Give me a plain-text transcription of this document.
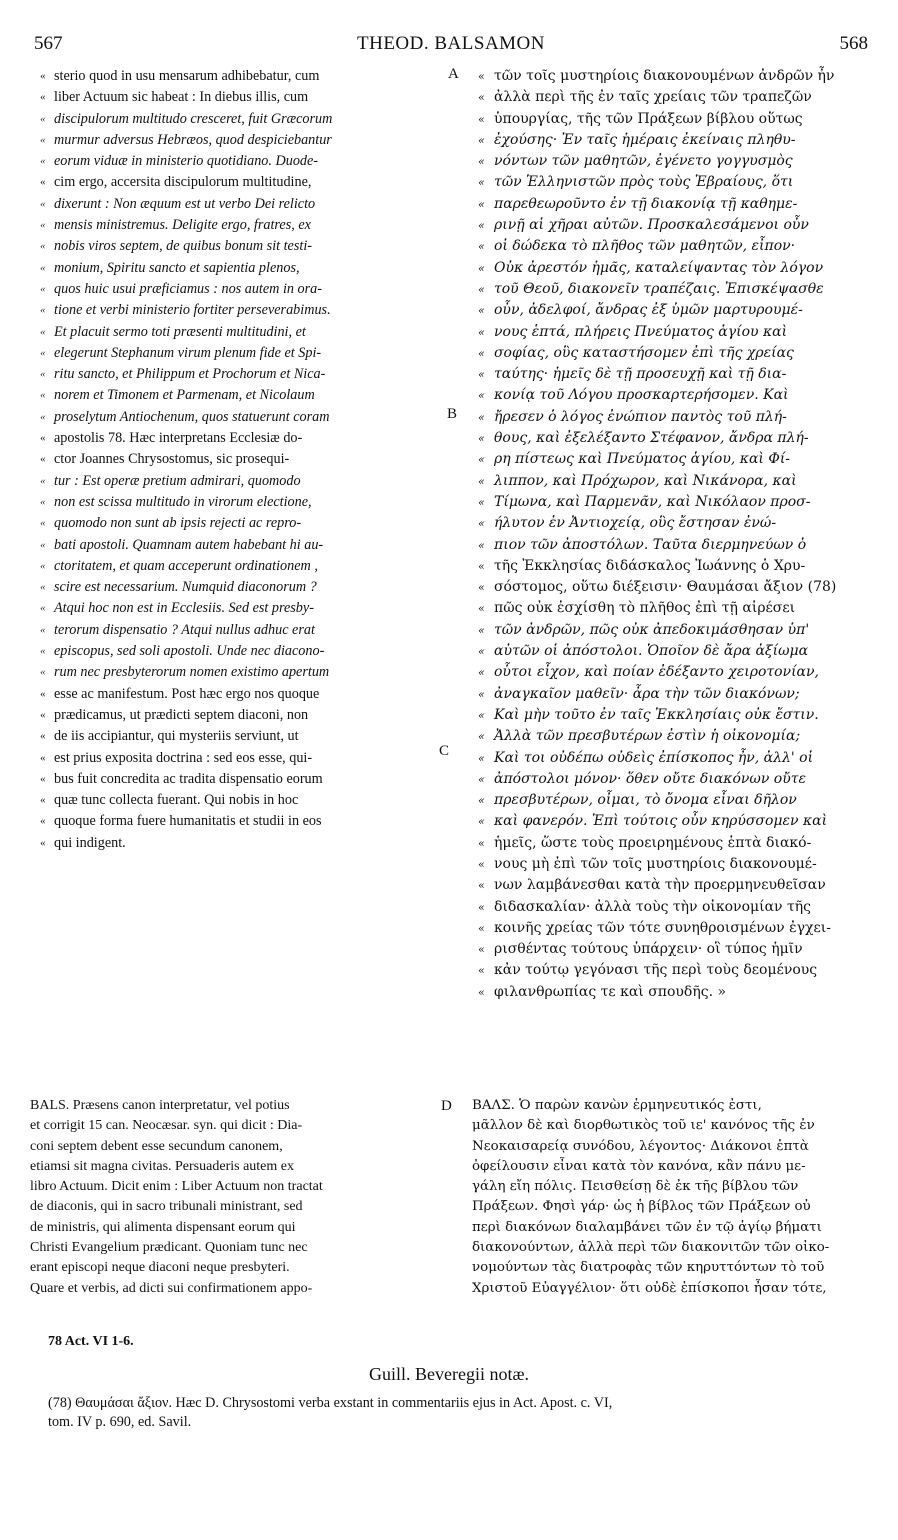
567	THEOD. BALSAMON	568
« sterio quod in usu mensarum adhibebatur, cum
« liber Actuum sic habeat : In diebus illis, cum
« discipulorum multitudo cresceret, fuit Græcorum
« murmur adversus Hebræos, quod despiciebantur
« eorum viduæ in ministerio quotidiano. Duode-
« cim ergo, accersita discipulorum multitudine,
« dixerunt : Non æquum est ut verbo Dei relicto
« mensis ministremus. Deligite ergo, fratres, ex
« nobis viros septem, de quibus bonum sit testi-
« monium, Spiritu sancto et sapientia plenos,
« quos huic usui præficiamus : nos autem in ora-
« tione et verbi ministerio fortiter perseverabimus.
« Et placuit sermo toti præsenti multitudini, et
« elegerunt Stephanum virum plenum fide et Spi-
« ritu sancto, et Philippum et Prochorum et Nica-
« norem et Timonem et Parmenam, et Nicolaum
« proselytum Antiochenum, quos statuerunt coram
« apostolis 78. Hæc interpretans Ecclesiæ do-
« ctor Joannes Chrysostomus, sic prosequi-
« tur : Est operæ pretium admirari, quomodo
« non est scissa multitudo in virorum electione,
« quomodo non sunt ab ipsis rejecti ac repro-
« bati apostoli. Quamnam autem habebant hi au-
« ctoritatem, et quam acceperunt ordinationem ,
« scire est necessarium. Numquid diaconorum ?
« Atqui hoc non est in Ecclesiis. Sed est presby-
« terorum dispensatio ? Atqui nullus adhuc erat
« episcopus, sed soli apostoli. Unde nec diacono-
« rum nec presbyterorum nomen existimo apertum
« esse ac manifestum. Post hæc ergo nos quoque
« prædicamus, ut prædicti septem diaconi, non
« de iis accipiantur, qui mysteriis serviunt, ut
« est prius exposita doctrina : sed eos esse, qui-
« bus fuit concredita ac tradita dispensatio eorum
« quæ tunc collecta fuerant. Qui nobis in hoc
« quoque forma fuere humanitatis et studii in eos
« qui indigent.
« τῶν τοῖς μυστηρίοις διακονουμένων ἀνδρῶν ἦν
« ἀλλὰ περὶ τῆς ἐν ταῖς χρείαις τῶν τραπεζῶν
« ὑπουργίας, τῆς τῶν Πράξεων βίβλου οὕτως
« ἐχούσης· Ἐν ταῖς ἡμέραις ἐκείναις πληθυ-
« νόντων τῶν μαθητῶν, ἐγένετο γογγυσμὸς
« τῶν Ἑλληνιστῶν πρὸς τοὺς Ἑβραίους, ὅτι
« παρεθεωροῦντο ἐν τῇ διακονίᾳ τῇ καθημε-
« ρινῇ αἱ χῆραι αὐτῶν. Προσκαλεσάμενοι οὖν
« οἱ δώδεκα τὸ πλῆθος τῶν μαθητῶν, εἶπον·
« Οὐκ ἀρεστόν ἡμᾶς, καταλείψαντας τὸν λόγον
« τοῦ Θεοῦ, διακονεῖν τραπέζαις. Ἐπισκέψασθε
« οὖν, ἀδελφοί, ἄνδρας ἐξ ὑμῶν μαρτυρουμέ-
« νους ἑπτά, πλήρεις Πνεύματος ἁγίου καὶ
« σοφίας, οὓς καταστήσομεν ἐπὶ τῆς χρείας
« ταύτης· ἡμεῖς δὲ τῇ προσευχῇ καὶ τῇ δια-
« κονίᾳ τοῦ Λόγου προσκαρτερήσομεν. Καὶ
« ἤρεσεν ὁ λόγος ἐνώπιον παντὸς τοῦ πλή-
« θους, καὶ ἐξελέξαντο Στέφανον, ἄνδρα πλή-
« ρη πίστεως καὶ Πνεύματος ἁγίου, καὶ Φί-
« λιππον, καὶ Πρόχωρον, καὶ Νικάνορα, καὶ
« Τίμωνα, καὶ Παρμενᾶν, καὶ Νικόλαον προσ-
« ήλυτον ἐν Ἀντιοχείᾳ, οὓς ἔστησαν ἐνώ-
« πιον τῶν ἀποστόλων. Ταῦτα διερμηνεύων ὁ
« τῆς Ἐκκλησίας διδάσκαλος Ἰωάννης ὁ Χρυ-
« σόστομος, οὕτω διέξεισιν· Θαυμάσαι ἄξιον (78)
« πῶς οὐκ ἐσχίσθη τὸ πλῆθος ἐπὶ τῇ αἱρέσει
« τῶν ἀνδρῶν, πῶς οὐκ ἀπεδοκιμάσθησαν ὑπ'
« αὐτῶν οἱ ἀπόστολοι. Ὁποῖον δὲ ἄρα ἀξίωμα
« οὗτοι εἶχον, καὶ ποίαν ἐδέξαντο χειροτονίαν,
« ἀναγκαῖον μαθεῖν· ἆρα τὴν τῶν διακόνων;
« Καὶ μὴν τοῦτο ἐν ταῖς Ἐκκλησίαις οὐκ ἔστιν.
« Ἀλλὰ τῶν πρεσβυτέρων ἐστὶν ἡ οἰκονομία;
« Καὶ τοι οὐδέπω οὐδεὶς ἐπίσκοπος ἦν, ἀλλ' οἱ
« ἀπόστολοι μόνον· ὅθεν οὔτε διακόνων οὔτε
« πρεσβυτέρων, οἶμαι, τὸ ὄνομα εἶναι δῆλον
« καὶ φανερόν. Ἐπὶ τούτοις οὖν κηρύσσομεν καὶ
« ἡμεῖς, ὥστε τοὺς προειρημένους ἑπτὰ διακό-
« νους μὴ ἐπὶ τῶν τοῖς μυστηρίοις διακονουμέ-
« νων λαμβάνεσθαι κατὰ τὴν προερμηνευθεῖσαν
« διδασκαλίαν· ἀλλὰ τοὺς τὴν οἰκονομίαν τῆς
« κοινῆς χρείας τῶν τότε συνηθροισμένων ἐγχει-
« ρισθέντας τούτους ὑπάρχειν· οἳ τύπος ἡμῖν
« κἀν τούτῳ γεγόνασι τῆς περὶ τοὺς δεομένους
« φιλανθρωπίας τε καὶ σπουδῆς. »
A
B
C
D
BALS. Præsens canon interpretatur, vel potius
et corrigit 15 can. Neocæsar. syn. qui dicit : Dia-
coni septem debent esse secundum canonem,
etiamsi sit magna civitas. Persuaderis autem ex
libro Actuum. Dicit enim : Liber Actuum non tractat
de diaconis, qui in sacro tribunali ministrant, sed
de ministris, qui alimenta dispensant eorum qui
Christi Evangelium prædicant. Quoniam tunc nec
erant episcopi neque diaconi neque presbyteri.
Quare et verbis, ad dicti sui confirmationem appo-
ΒΑΛΣ. Ὁ παρὼν κανὼν ἑρμηνευτικός ἐστι,
μᾶλλον δὲ καὶ διορθωτικὸς τοῦ ιε' κανόνος τῆς ἐν
Νεοκαισαρείᾳ συνόδου, λέγοντος· Διάκονοι ἑπτὰ
ὀφείλουσιν εἶναι κατὰ τὸν κανόνα, κἂν πάνυ με-
γάλη εἴη πόλις. Πεισθείσῃ δὲ ἐκ τῆς βίβλου τῶν
Πράξεων. Φησὶ γάρ· ὡς ἡ βίβλος τῶν Πράξεων οὐ
περὶ διακόνων διαλαμβάνει τῶν ἐν τῷ ἁγίῳ βήματι
διακονούντων, ἀλλὰ περὶ τῶν διακονιτῶν τῶν οἰκο-
νομούντων τὰς διατροφὰς τῶν κηρυττόντων τὸ τοῦ
Χριστοῦ Εὐαγγέλιον· ὅτι οὐδὲ ἐπίσκοποι ἦσαν τότε,
78 Act. VI 1-6.
Guill. Beveregii notæ.
(78) Θαυμάσαι ἄξιον. Hæc D. Chrysostomi verba exstant in commentariis ejus in Act. Apost. c. VI,
tom. IV p. 690, ed. Savil.
